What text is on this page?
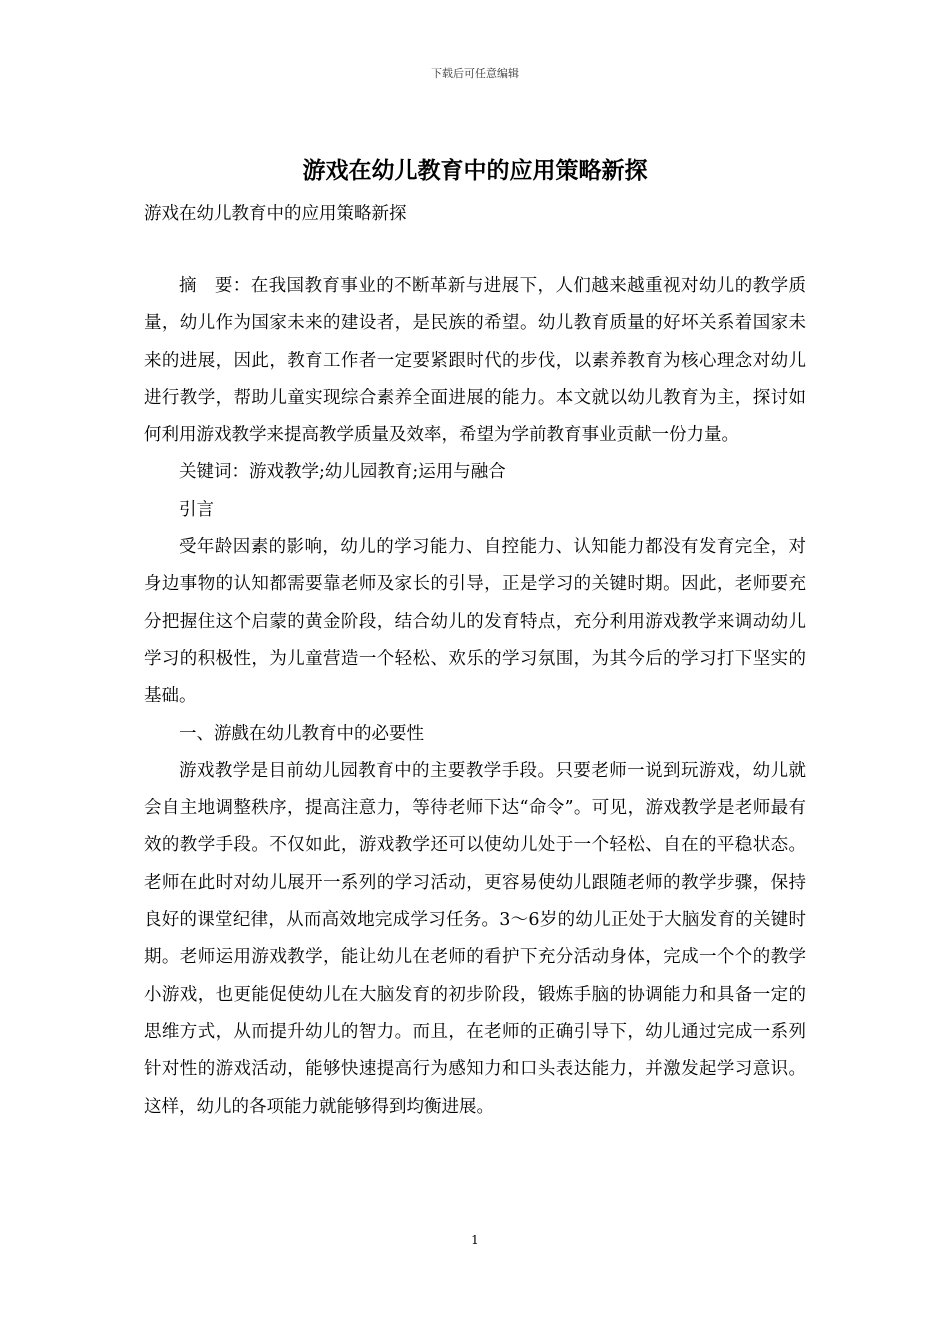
下载后可任意编辑
游戏在幼儿教育中的应用策略新探
游戏在幼儿教育中的应用策略新探

摘　要：在我国教育事业的不断革新与进展下，人们越来越重视对幼儿的教学质量，幼儿作为国家未来的建设者，是民族的希望。幼儿教育质量的好坏关系着国家未来的进展，因此，教育工作者一定要紧跟时代的步伐，以素养教育为核心理念对幼儿进行教学，帮助儿童实现综合素养全面进展的能力。本文就以幼儿教育为主，探讨如何利用游戏教学来提高教学质量及效率，希望为学前教育事业贡献一份力量。

关键词：游戏教学;幼儿园教育;运用与融合

引言

受年龄因素的影响，幼儿的学习能力、自控能力、认知能力都没有发育完全，对身边事物的认知都需要靠老师及家长的引导，正是学习的关键时期。因此，老师要充分把握住这个启蒙的黄金阶段，结合幼儿的发育特点，充分利用游戏教学来调动幼儿学习的积极性，为儿童营造一个轻松、欢乐的学习氛围，为其今后的学习打下坚实的基础。

一、游戲在幼儿教育中的必要性

游戏教学是目前幼儿园教育中的主要教学手段。只要老师一说到玩游戏，幼儿就会自主地调整秩序，提高注意力，等待老师下达“命令”。可见，游戏教学是老师最有效的教学手段。不仅如此，游戏教学还可以使幼儿处于一个轻松、自在的平稳状态。老师在此时对幼儿展开一系列的学习活动，更容易使幼儿跟随老师的教学步骤，保持良好的课堂纪律，从而高效地完成学习任务。3～6岁的幼儿正处于大脑发育的关键时期。老师运用游戏教学，能让幼儿在老师的看护下充分活动身体，完成一个个的教学小游戏，也更能促使幼儿在大脑发育的初步阶段，锻炼手脑的协调能力和具备一定的思维方式，从而提升幼儿的智力。而且，在老师的正确引导下，幼儿通过完成一系列针对性的游戏活动，能够快速提高行为感知力和口头表达能力，并激发起学习意识。这样，幼儿的各项能力就能够得到均衡进展。

1
